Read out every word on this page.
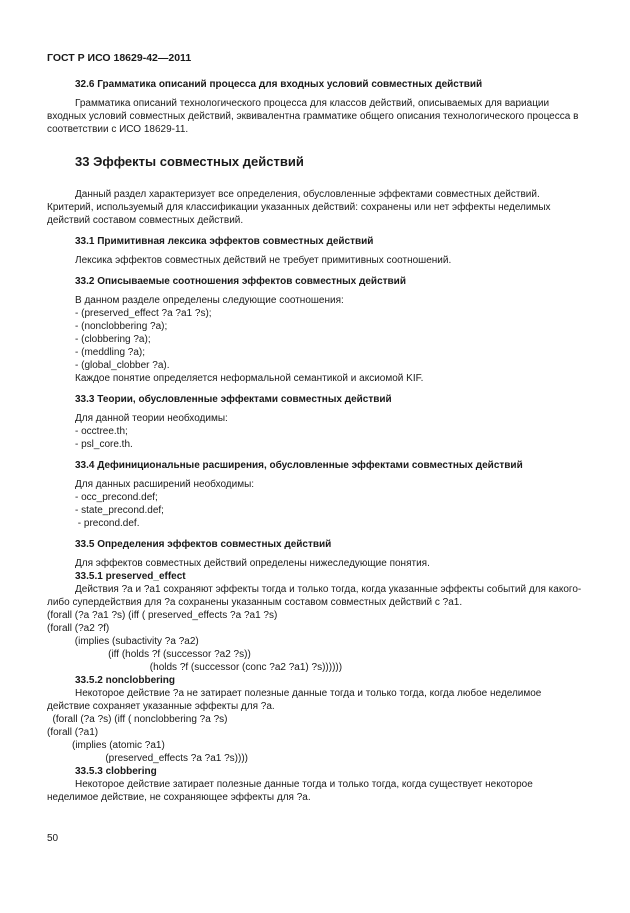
ГОСТ Р ИСО 18629-42—2011

32.6 Грамматика описаний процесса для входных условий совместных действий

Грамматика описаний технологического процесса для классов действий, описываемых для вариации входных условий совместных действий, эквивалентна грамматике общего описания технологического процесса в соответствии с ИСО 18629-11.

33 Эффекты совместных действий

Данный раздел характеризует все определения, обусловленные эффектами совместных действий. Критерий, используемый для классификации указанных действий: сохранены или нет эффекты неделимых действий составом совместных действий.

33.1 Примитивная лексика эффектов совместных действий

Лексика эффектов совместных действий не требует примитивных соотношений.

33.2 Описываемые соотношения эффектов совместных действий

В данном разделе определены следующие соотношения:

- (preserved_effect ?a ?a1 ?s);

- (nonclobbering ?a);

- (clobbering ?a);

- (meddling ?a);

- (global_clobber ?a).

Каждое понятие определяется неформальной семантикой и аксиомой KIF.

33.3 Теории, обусловленные эффектами совместных действий

Для данной теории необходимы:

- occtree.th;

- psl_core.th.

33.4 Дефинициональные расширения, обусловленные эффектами совместных действий

Для данных расширений необходимы:

- occ_precond.def;

- state_precond.def;

- precond.def.

33.5 Определения эффектов совместных действий

Для эффектов совместных действий определены нижеследующие понятия.

33.5.1 preserved_effect

Действия ?a и ?a1 сохраняют эффекты тогда и только тогда, когда указанные эффекты событий для какого-либо супердействия для ?a сохранены указанным составом совместных действий с ?a1.

(forall (?a ?a1 ?s) (iff ( preserved_effects ?a ?a1 ?s)

(forall (?a2 ?f)

(implies (subactivity ?a ?a2)

(iff (holds ?f (successor ?a2 ?s))

(holds ?f (successor (conc ?a2 ?a1) ?s))))))

33.5.2 nonclobbering

Некоторое действие ?a не затирает полезные данные тогда и только тогда, когда любое неделимое действие сохраняет указанные эффекты для ?a.

(forall (?a ?s) (iff ( nonclobbering ?a ?s)

(forall (?a1)

(implies (atomic ?a1)

(preserved_effects ?a ?a1 ?s))))

33.5.3 clobbering

Некоторое действие затирает полезные данные тогда и только тогда, когда существует некоторое неделимое действие, не сохраняющее эффекты для ?a.

50
